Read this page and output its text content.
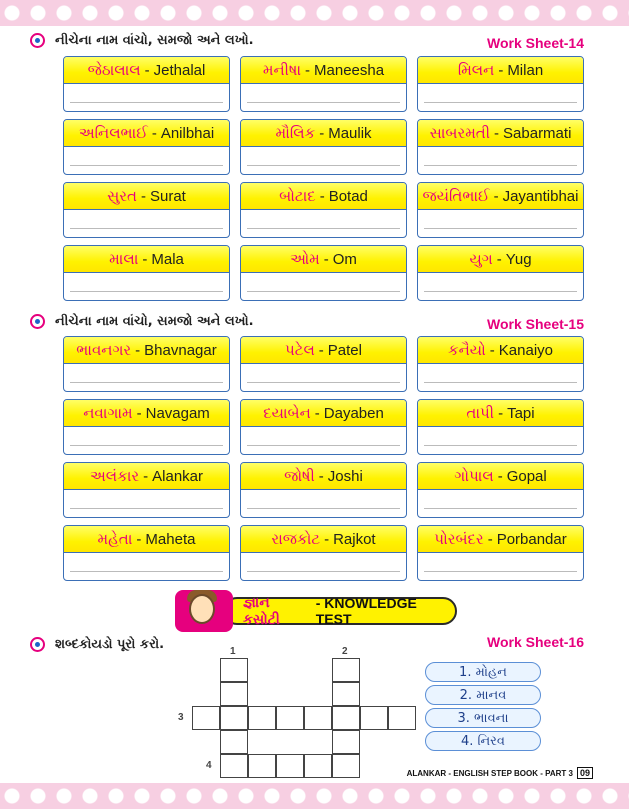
નીચેના નામ વાંચો, સમજો અને લખો.	Work Sheet-14
જેઠાલાલ - Jethalal	મનીષા - Maneesha	મિલન - Milan
અનિલભાઈ - Anilbhai	મૌલિક - Maulik	સાબરમતી - Sabarmati
સુરત - Surat	બોટાદ - Botad	જયંતિભાઈ - Jayantibhai
માલા - Mala	ઓમ - Om	યુગ - Yug
નીચેના નામ વાંચો, સમજો અને લખો.	Work Sheet-15
ભાવનગર - Bhavnagar	પટેલ - Patel	કનૈયો - Kanaiyo
નવાગામ - Navagam	દયાબેન - Dayaben	તાપી - Tapi
અલંકાર - Alankar	જોષી - Joshi	ગોપાલ - Gopal
મહેતા - Maheta	રાજકોટ - Rajkot	પોરબંદર - Porbandar
જ્ઞાન કસોટી
- KNOWLEDGE TEST
શબ્દકોયડો પૂરો કરો.	Work Sheet-16
1	2
3
4
1. મોહન
2. માનવ
3. ભાવના
4. નિરવ
ALANKAR - ENGLISH STEP BOOK - PART 3 09
